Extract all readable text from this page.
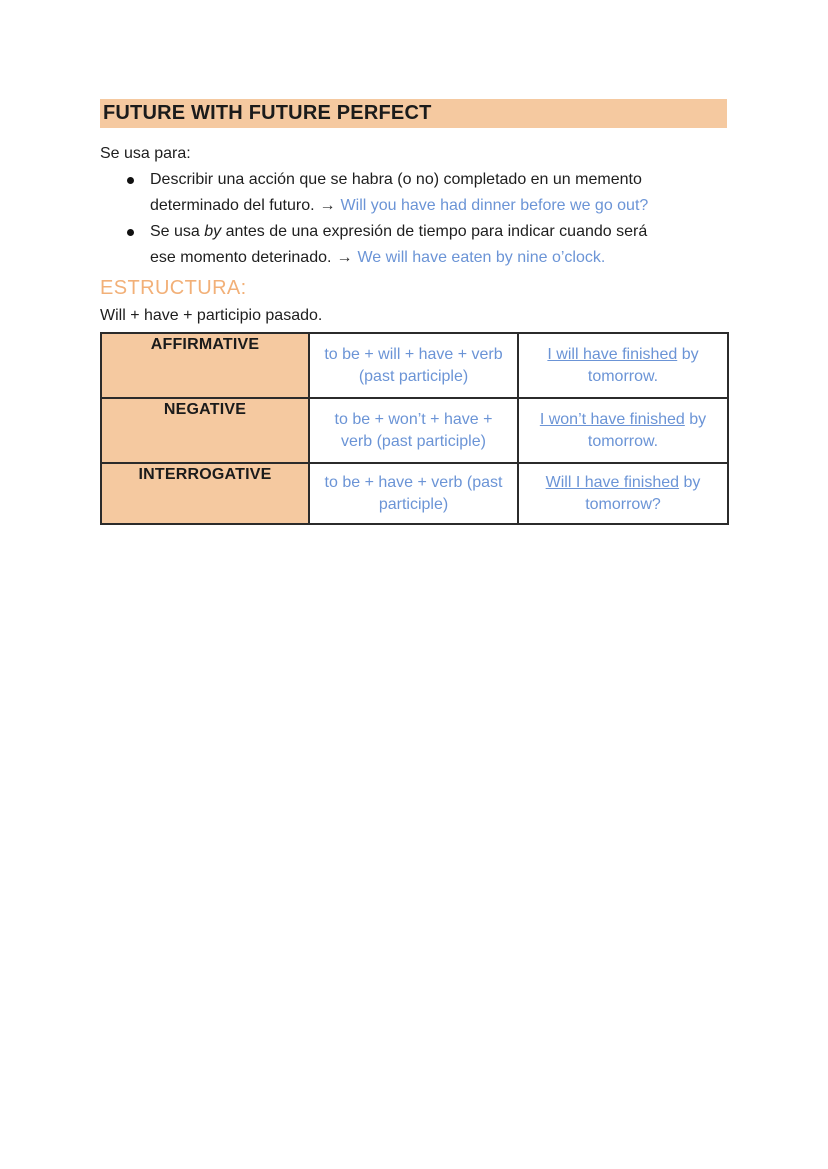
FUTURE WITH FUTURE PERFECT
Se usa para:
Describir una acción que se habra (o no) completado en un memento
determinado del futuro. → Will you have had dinner before we go out?
Se usa by antes de una expresión de tiempo para indicar cuando será
ese momento deterinado. → We will have eaten by nine o’clock.
ESTRUCTURA:
Will + have + participio pasado.
AFFIRMATIVE	to be + will + have + verb (past participle)	I will have finished by tomorrow.
NEGATIVE	to be + won’t + have + verb (past participle)	I won’t have finished by tomorrow.
INTERROGATIVE	to be + have + verb (past participle)	Will I have finished by tomorrow?
